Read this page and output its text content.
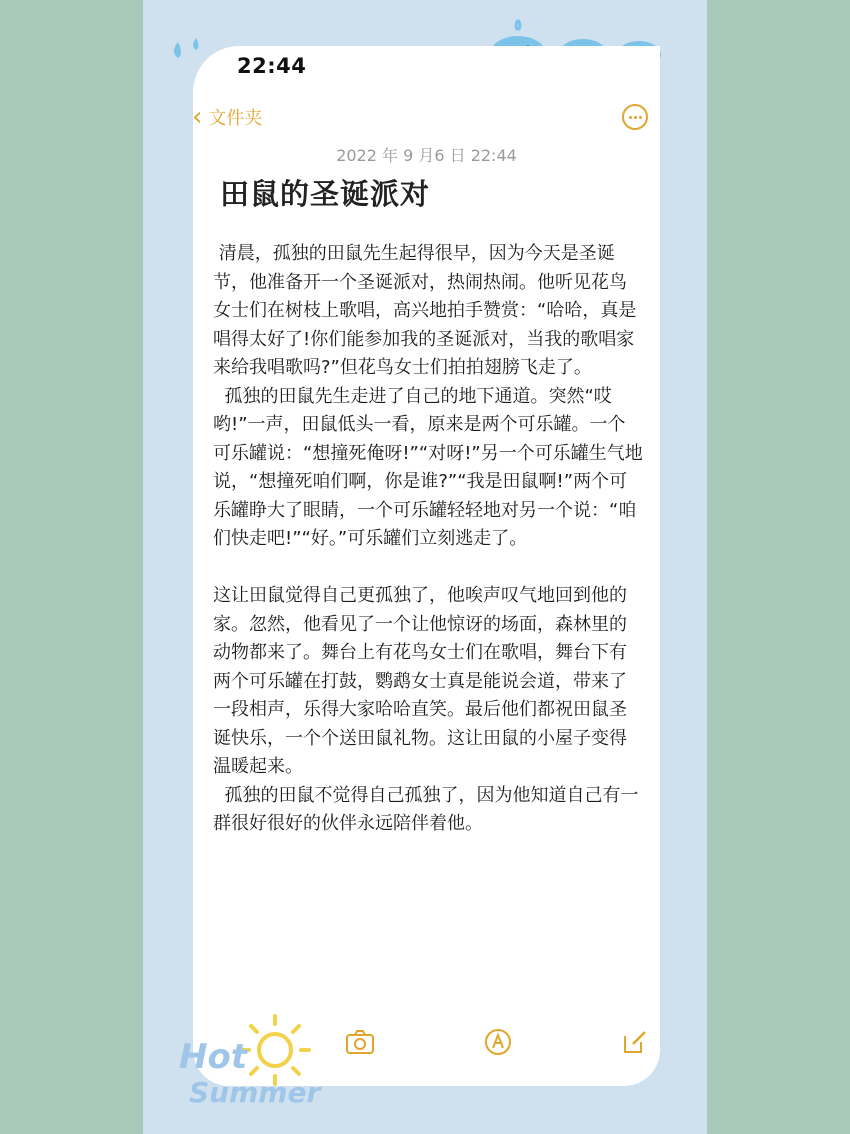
22:44
‹ 文件夹
2022 年 9 月6 日 22:44
田鼠的圣诞派对

清晨，孤独的田鼠先生起得很早，因为今天是圣诞节，他准备开一个圣诞派对，热闹热闹。他听见花鸟女士们在树枝上歌唱，高兴地拍手赞赏：“哈哈，真是唱得太好了!你们能参加我的圣诞派对，当我的歌唱家来给我唱歌吗?”但花鸟女士们拍拍翅膀飞走了。

孤独的田鼠先生走进了自己的地下通道。突然“哎哟!”一声，田鼠低头一看，原来是两个可乐罐。一个可乐罐说：“想撞死俺呀!”“对呀!”另一个可乐罐生气地说，“想撞死咱们啊，你是谁?”“我是田鼠啊!”两个可乐罐睁大了眼睛，一个可乐罐轻轻地对另一个说：“咱们快走吧!”“好。”可乐罐们立刻逃走了。

这让田鼠觉得自己更孤独了，他唉声叹气地回到他的家。忽然，他看见了一个让他惊讶的场面，森林里的动物都来了。舞台上有花鸟女士们在歌唱，舞台下有两个可乐罐在打鼓，鹦鹉女士真是能说会道，带来了一段相声，乐得大家哈哈直笑。最后他们都祝田鼠圣诞快乐，一个个送田鼠礼物。这让田鼠的小屋子变得温暖起来。

孤独的田鼠不觉得自己孤独了，因为他知道自己有一群很好很好的伙伴永远陪伴着他。

Hot
Summer
